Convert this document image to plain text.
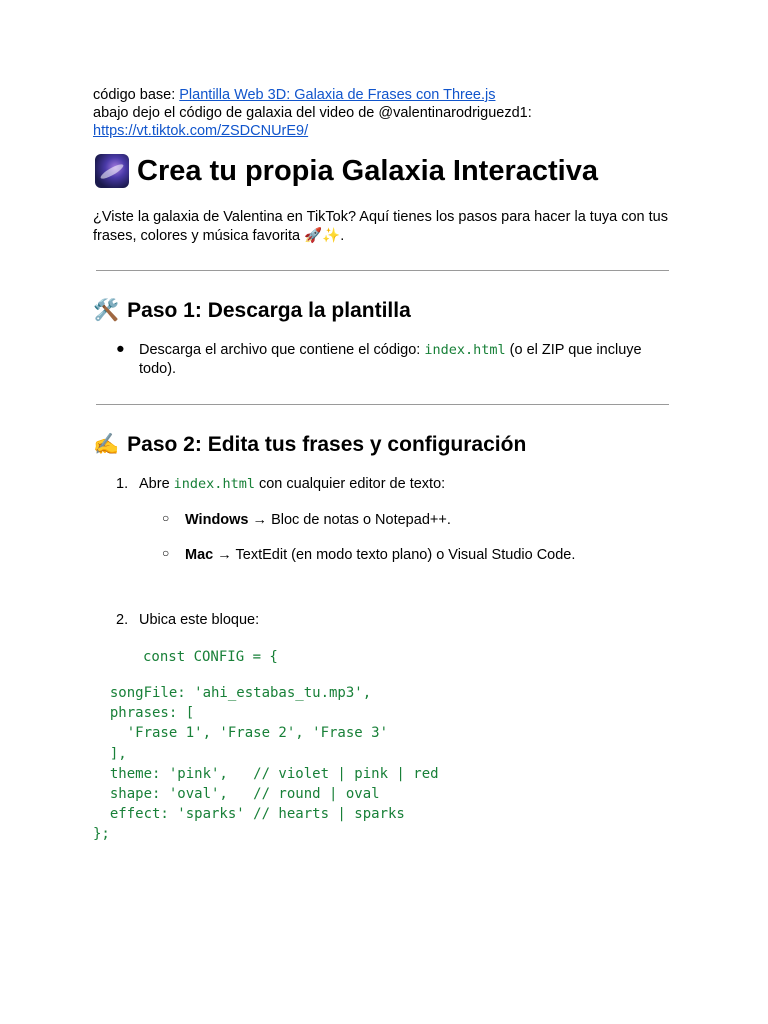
código base: Plantilla Web 3D: Galaxia de Frases con Three.js
abajo dejo el código de galaxia del video de @valentinarodriguezd1:
https://vt.tiktok.com/ZSDCNUrE9/
Crea tu propia Galaxia Interactiva
¿Viste la galaxia de Valentina en TikTok? Aquí tienes los pasos para hacer la tuya con tus
frases, colores y música favorita 🚀✨.
🛠️ Paso 1: Descarga la plantilla
● Descarga el archivo que contiene el código: index.html (o el ZIP que incluye
todo).
✍️ Paso 2: Edita tus frases y configuración
1. Abre index.html con cualquier editor de texto:
○ Windows → Bloc de notas o Notepad++.
○ Mac → TextEdit (en modo texto plano) o Visual Studio Code.
2. Ubica este bloque:
const CONFIG = {
songFile: 'ahi_estabas_tu.mp3',
phrases: [
'Frase 1', 'Frase 2', 'Frase 3'
],
theme: 'pink',   // violet | pink | red
shape: 'oval',   // round | oval
effect: 'sparks' // hearts | sparks
};
